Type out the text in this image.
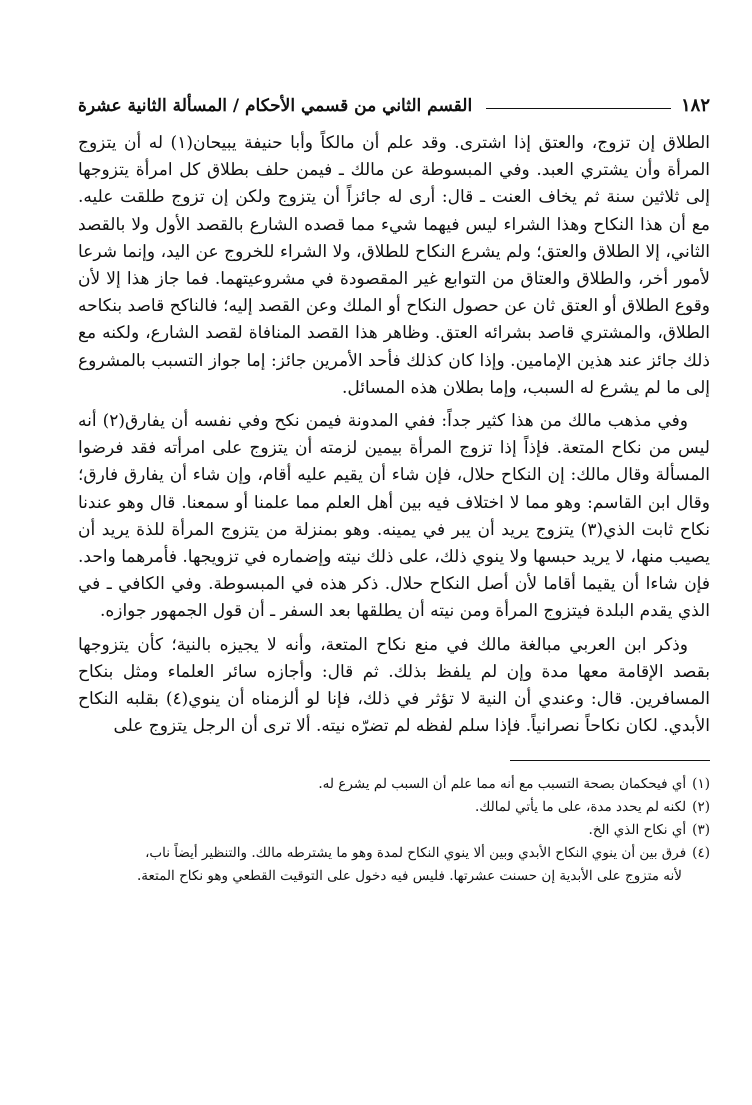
١٨٢
القسم الثاني من قسمي الأحكام / المسألة الثانية عشرة

الطلاق إن تزوج، والعتق إذا اشترى. وقد علم أن مالكاً وأبا حنيفة يبيحان(١) له أن يتزوج المرأة وأن يشتري العبد. وفي المبسوطة عن مالك ـ فيمن حلف بطلاق كل امرأة يتزوجها إلى ثلاثين سنة ثم يخاف العنت ـ قال: أرى له جائزاً أن يتزوج ولكن إن تزوج طلقت عليه. مع أن هذا النكاح وهذا الشراء ليس فيهما شيء مما قصده الشارع بالقصد الأول ولا بالقصد الثاني، إلا الطلاق والعتق؛ ولم يشرع النكاح للطلاق، ولا الشراء للخروج عن اليد، وإنما شرعا لأمور أخر، والطلاق والعتاق من التوابع غير المقصودة في مشروعيتهما. فما جاز هذا إلا لأن وقوع الطلاق أو العتق ثان عن حصول النكاح أو الملك وعن القصد إليه؛ فالناكح قاصد بنكاحه الطلاق، والمشتري قاصد بشرائه العتق. وظاهر هذا القصد المنافاة لقصد الشارع، ولكنه مع ذلك جائز عند هذين الإمامين. وإذا كان كذلك فأحد الأمرين جائز: إما جواز التسبب بالمشروع إلى ما لم يشرع له السبب، وإما بطلان هذه المسائل.

وفي مذهب مالك من هذا كثير جداً: ففي المدونة فيمن نكح وفي نفسه أن يفارق(٢) أنه ليس من نكاح المتعة. فإذاً إذا تزوج المرأة بيمين لزمته أن يتزوج على امرأته فقد فرضوا المسألة وقال مالك: إن النكاح حلال، فإن شاء أن يقيم عليه أقام، وإن شاء أن يفارق فارق؛ وقال ابن القاسم: وهو مما لا اختلاف فيه بين أهل العلم مما علمنا أو سمعنا. قال وهو عندنا نكاح ثابت الذي(٣) يتزوج يريد أن يبر في يمينه. وهو بمنزلة من يتزوج المرأة للذة يريد أن يصيب منها، لا يريد حبسها ولا ينوي ذلك، على ذلك نيته وإضماره في تزويجها. فأمرهما واحد. فإن شاءا أن يقيما أقاما لأن أصل النكاح حلال. ذكر هذه في المبسوطة. وفي الكافي ـ في الذي يقدم البلدة فيتزوج المرأة ومن نيته أن يطلقها بعد السفر ـ أن قول الجمهور جوازه.

وذكر ابن العربي مبالغة مالك في منع نكاح المتعة، وأنه لا يجيزه بالنية؛ كأن يتزوجها بقصد الإقامة معها مدة وإن لم يلفظ بذلك. ثم قال: وأجازه سائر العلماء ومثل بنكاح المسافرين. قال: وعندي أن النية لا تؤثر في ذلك، فإنا لو ألزمناه أن ينوي(٤) بقلبه النكاح الأبدي. لكان نكاحاً نصرانياً. فإذا سلم لفظه لم تضرّه نيته. ألا ترى أن الرجل يتزوج على

(١)أي فيحكمان بصحة التسبب مع أنه مما علم أن السبب لم يشرع له.

(٢)لكنه لم يحدد مدة، على ما يأتي لمالك.

(٣)أي نكاح الذي الخ.

(٤)فرق بين أن ينوي النكاح الأبدي وبين ألا ينوي النكاح لمدة وهو ما يشترطه مالك. والتنظير أيضاً ناب،

لأنه متزوج على الأبدية إن حسنت عشرتها. فليس فيه دخول على التوقيت القطعي وهو نكاح المتعة.
